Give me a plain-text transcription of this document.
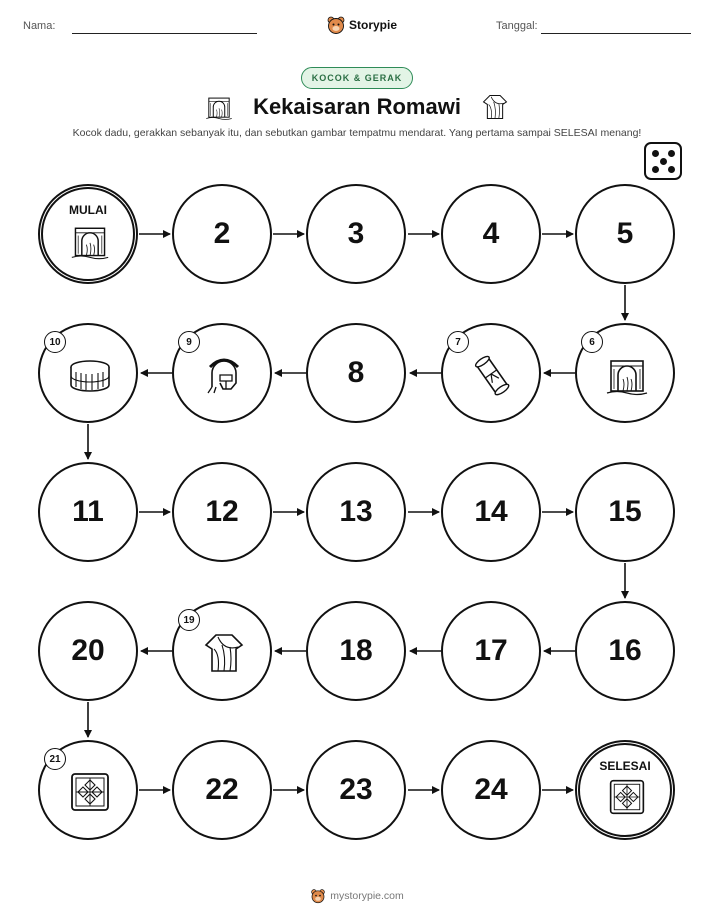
Nama:	Storypie	Tanggal:
KOCOK & GERAK
Kekaisaran Romawi
Kocok dadu, gerakkan sebanyak itu, dan sebutkan gambar tempatmu mendarat. Yang pertama sampai SELESAI menang!
MULAI
2	3	4	5
10	9
8
7	6
11	12	13	14	15
20
19
18	17	16
21
22	23	24
SELESAI
mystorypie.com
